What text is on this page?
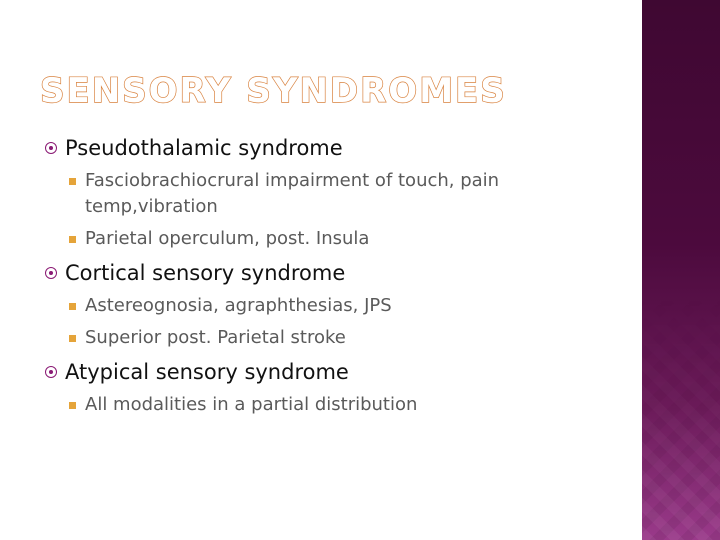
SENSORY SYNDROMES
Pseudothalamic syndrome
Fasciobrachiocrural impairment of touch, pain temp,vibration
Parietal operculum, post. Insula
Cortical sensory syndrome
Astereognosia, agraphthesias, JPS
Superior post. Parietal stroke
Atypical sensory syndrome
All modalities in a partial distribution
